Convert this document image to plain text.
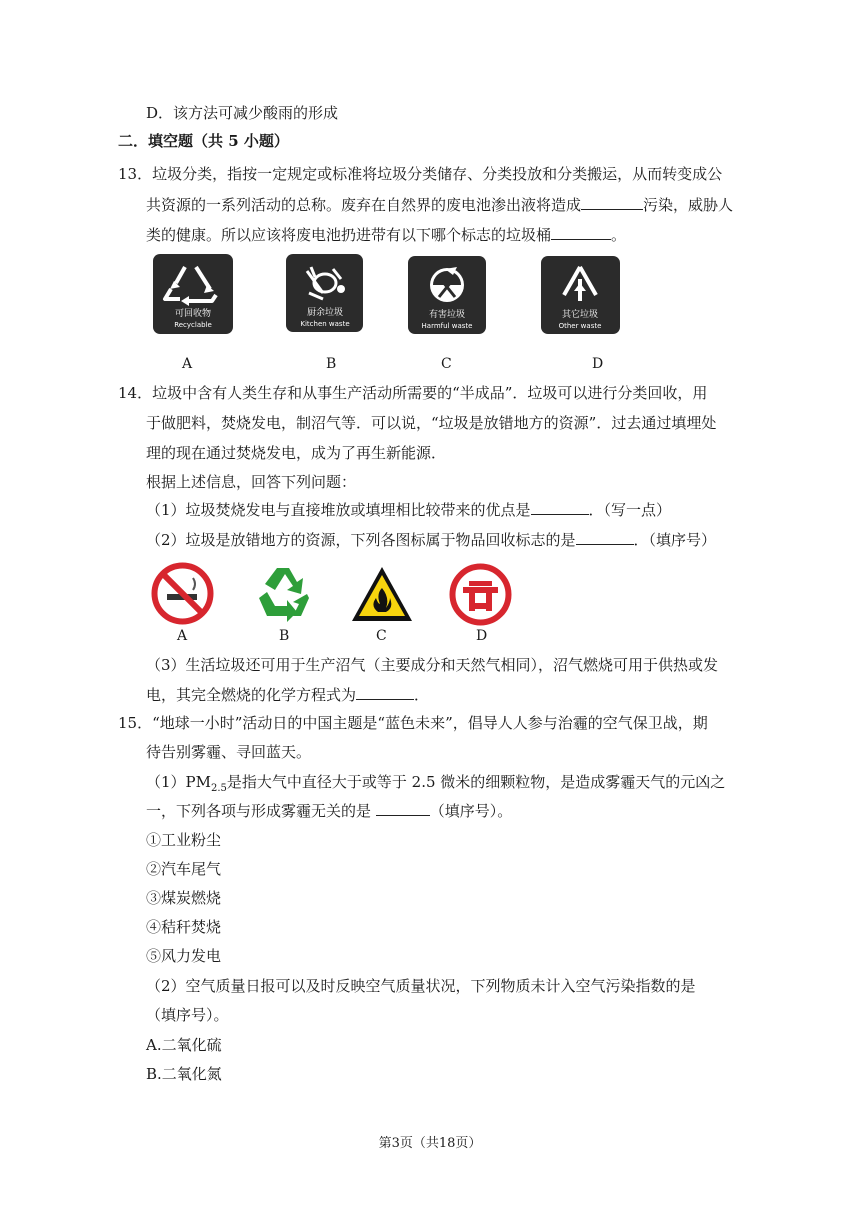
D．该方法可减少酸雨的形成
二．填空题（共 5 小题）
13．垃圾分类，指按一定规定或标准将垃圾分类储存、分类投放和分类搬运，从而转变成公
共资源的一系列活动的总称。废弃在自然界的废电池渗出液将造成	污染，威胁人
类的健康。所以应该将废电池扔进带有以下哪个标志的垃圾桶	。
可回收物
Recyclable
厨余垃圾
Kitchen waste
有害垃圾
Harmful waste
其它垃圾
Other waste
A	B	C	D
14．垃圾中含有人类生存和从事生产活动所需要的“半成品”．垃圾可以进行分类回收，用
于做肥料，焚烧发电，制沼气等．可以说，“垃圾是放错地方的资源”．过去通过填埋处
理的现在通过焚烧发电，成为了再生新能源．
根据上述信息，回答下列问题：
（1）垃圾焚烧发电与直接堆放或填埋相比较带来的优点是	．（写一点）
（2）垃圾是放错地方的资源，下列各图标属于物品回收标志的是	．（填序号）
A	B	C	D
（3）生活垃圾还可用于生产沼气（主要成分和天然气相同），沼气燃烧可用于供热或发
电，其完全燃烧的化学方程式为	．
15．“地球一小时”活动日的中国主题是“蓝色未来”，倡导人人参与治霾的空气保卫战，期
待告别雾霾、寻回蓝天。
$(1)PM_{2.5}$是指大气中直径大于或等于 2.5 微米的细颗粒物，是造成雾霾天气的元凶之
一，下列各项与形成雾霾无关的是	（填序号）。
①工业粉尘
②汽车尾气
③煤炭燃烧
④秸秆焚烧
⑤风力发电
（2）空气质量日报可以及时反映空气质量状况，下列物质未计入空气污染指数的是
（填序号）。
A.二氧化硫
B.二氧化氮
第3页（共18页）
